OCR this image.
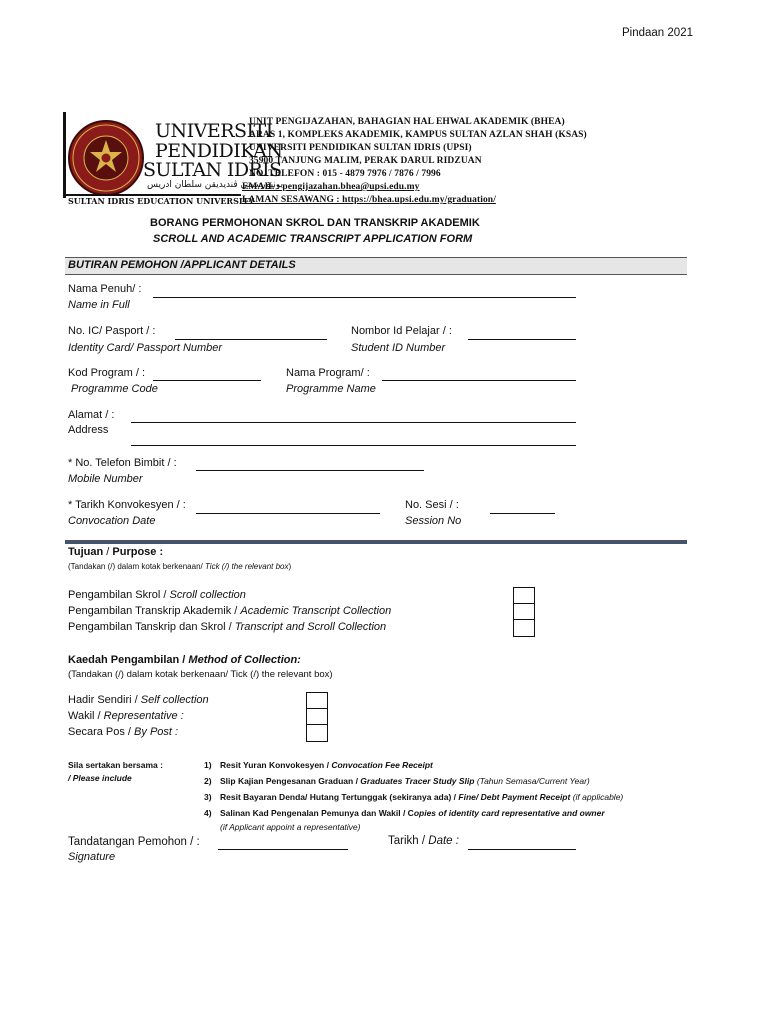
Pindaan 2021
UNIVERSITI
PENDIDIKAN
SULTAN IDRIS
يونيۏرسيتي ڤنديديقن سلطان ادريس
SULTAN IDRIS EDUCATION UNIVERSITY
UNIT PENGIJAZAHAN, BAHAGIAN HAL EHWAL AKADEMIK (BHEA)
ARAS 1, KOMPLEKS AKADEMIK, KAMPUS SULTAN AZLAN SHAH (KSAS)
UNIVERSITI PENDIDIKAN SULTAN IDRIS (UPSI)
35900 TANJUNG MALIM, PERAK DARUL RIDZUAN
NO. TELEFON : 015 - 4879 7976 / 7876 / 7996
EMAIL : pengijazahan.bhea@upsi.edu.my
LAMAN SESAWANG : https://bhea.upsi.edu.my/graduation/
BORANG PERMOHONAN SKROL DAN TRANSKRIP AKADEMIK
SCROLL AND ACADEMIC TRANSCRIPT APPLICATION FORM
BUTIRAN PEMOHON /APPLICANT DETAILS
Nama Penuh/ :
Name in Full
No. IC/ Pasport / :
Identity Card/ Passport Number
Nombor Id Pelajar / :
Student ID Number
Kod Program / :
Programme Code
Nama Program/ :
Programme Name
Alamat / :
Address
* No. Telefon Bimbit / :
Mobile Number
* Tarikh Konvokesyen / :
Convocation Date
No. Sesi / :
Session No
Tujuan / Purpose :
(Tandakan (/) dalam kotak berkenaan/ Tick (/) the relevant box)
Pengambilan Skrol / Scroll collection
Pengambilan Transkrip Akademik / Academic Transcript Collection
Pengambilan Tanskrip dan Skrol / Transcript and Scroll Collection
Kaedah Pengambilan / Method of Collection:
(Tandakan (/) dalam kotak berkenaan/ Tick (/) the relevant box)
Hadir Sendiri / Self collection
Wakil / Representative :
Secara Pos / By Post :
Sila sertakan bersama :
/ Please include
1) Resit Yuran Konvokesyen / Convocation Fee Receipt
2) Slip Kajian Pengesanan Graduan / Graduates Tracer Study Slip (Tahun Semasa/Current Year)
3) Resit Bayaran Denda/ Hutang Tertunggak (sekiranya ada) / Fine/ Debt Payment Receipt (if applicable)
4) Salinan Kad Pengenalan Pemunya dan Wakil / Copies of identity card representative and owner
(if Applicant appoint a representative)
Tandatangan Pemohon / :
Signature
Tarikh / Date :
